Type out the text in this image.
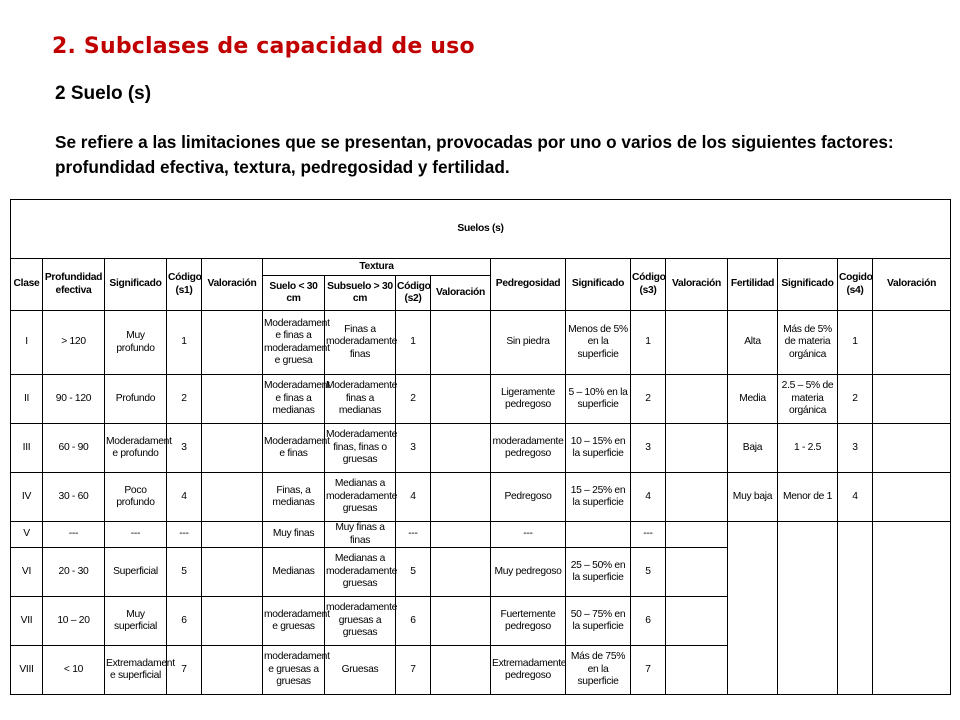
2. Subclases de capacidad de uso
2 Suelo (s)
Se refiere a las limitaciones que se presentan, provocadas por uno o varios de los siguientes factores: profundidad efectiva, textura, pedregosidad y fertilidad.
Suelos (s)																
Clase	Profundidad efectiva	Significado	Código (s1)	Valoración	Textura				Pedregosidad	Significado	Código (s3)	Valoración	Fertilidad	Significado	Cogido (s4)	Valoración
					Suelo < 30 cm	Subsuelo > 30 cm	Código (s2)	Valoración								
I	> 120	Muy profundo	1		Moderadament e finas a moderadament e gruesa	Finas a moderadamente finas	1		Sin piedra	Menos de 5% en la superficie	1		Alta	Más de 5% de materia orgánica	1	
II	90 - 120	Profundo	2		Moderadament e finas a medianas	Moderadamente finas a medianas	2		Ligeramente pedregoso	5 – 10% en la superficie	2		Media	2.5 – 5% de materia orgánica	2	
III	60 - 90	Moderadament e profundo	3		Moderadament e finas	Moderadamente finas, finas o gruesas	3		moderadamente pedregoso	10 – 15% en la superficie	3		Baja	1 - 2.5	3	
IV	30 - 60	Poco profundo	4		Finas, a medianas	Medianas a moderadamente gruesas	4		Pedregoso	15 – 25% en la superficie	4		Muy baja	Menor de 1	4	
V	---	---	---		Muy finas	Muy finas a finas	---		---		---					
VI	20 - 30	Superficial	5		Medianas	Medianas a moderadamente gruesas	5		Muy pedregoso	25 – 50% en la superficie	5					
VII	10 – 20	Muy superficial	6		moderadament e gruesas	moderadamente gruesas a gruesas	6		Fuertemente pedregoso	50 – 75% en la superficie	6					
VIII	< 10	Extremadament e superficial	7		moderadament e gruesas a gruesas	Gruesas	7		Extremadamente pedregoso	Más de 75% en la superficie	7					
